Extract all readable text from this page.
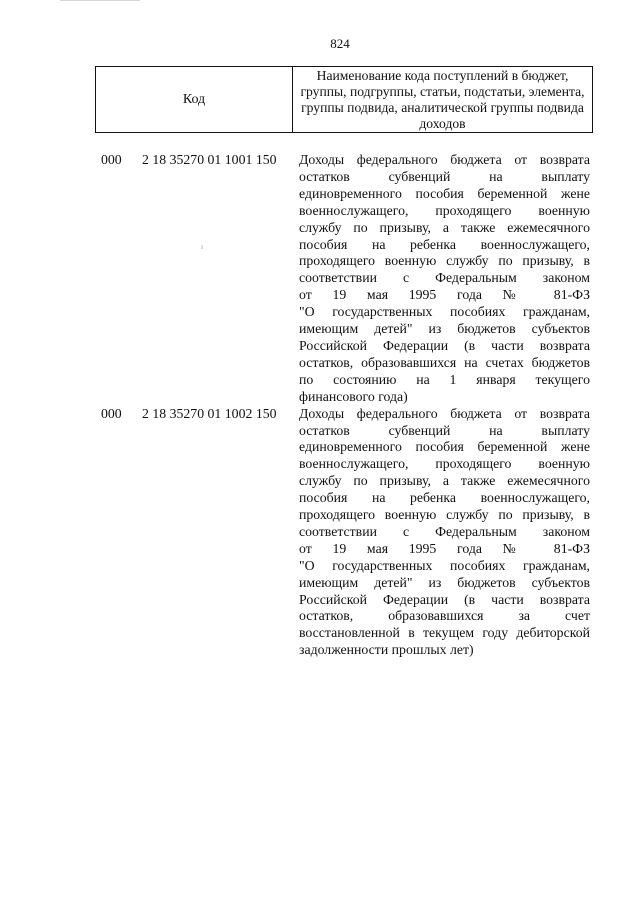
824
Код
Наименование кода поступлений в бюджет, группы, подгруппы, статьи, подстатьи, элемента, группы подвида, аналитической группы подвида доходов
ı
000	2 18 35270 01 1001 150	Доходы федерального бюджета от возврата
остатков субвенций на выплату
единовременного пособия беременной жене
военнослужащего, проходящего военную
службу по призыву, а также ежемесячного
пособия на ребенка военнослужащего,
проходящего военную службу по призыву, в
соответствии с Федеральным законом
от 19 мая 1995 года № 81-ФЗ
"О государственных пособиях гражданам,
имеющим детей" из бюджетов субъектов
Российской Федерации (в части возврата
остатков, образовавшихся на счетах бюджетов
по состоянию на 1 января текущего
финансового года)
000	2 18 35270 01 1002 150	Доходы федерального бюджета от возврата
остатков субвенций на выплату
единовременного пособия беременной жене
военнослужащего, проходящего военную
службу по призыву, а также ежемесячного
пособия на ребенка военнослужащего,
проходящего военную службу по призыву, в
соответствии с Федеральным законом
от 19 мая 1995 года № 81-ФЗ
"О государственных пособиях гражданам,
имеющим детей" из бюджетов субъектов
Российской Федерации (в части возврата
остатков, образовавшихся за счет
восстановленной в текущем году дебиторской
задолженности прошлых лет)
